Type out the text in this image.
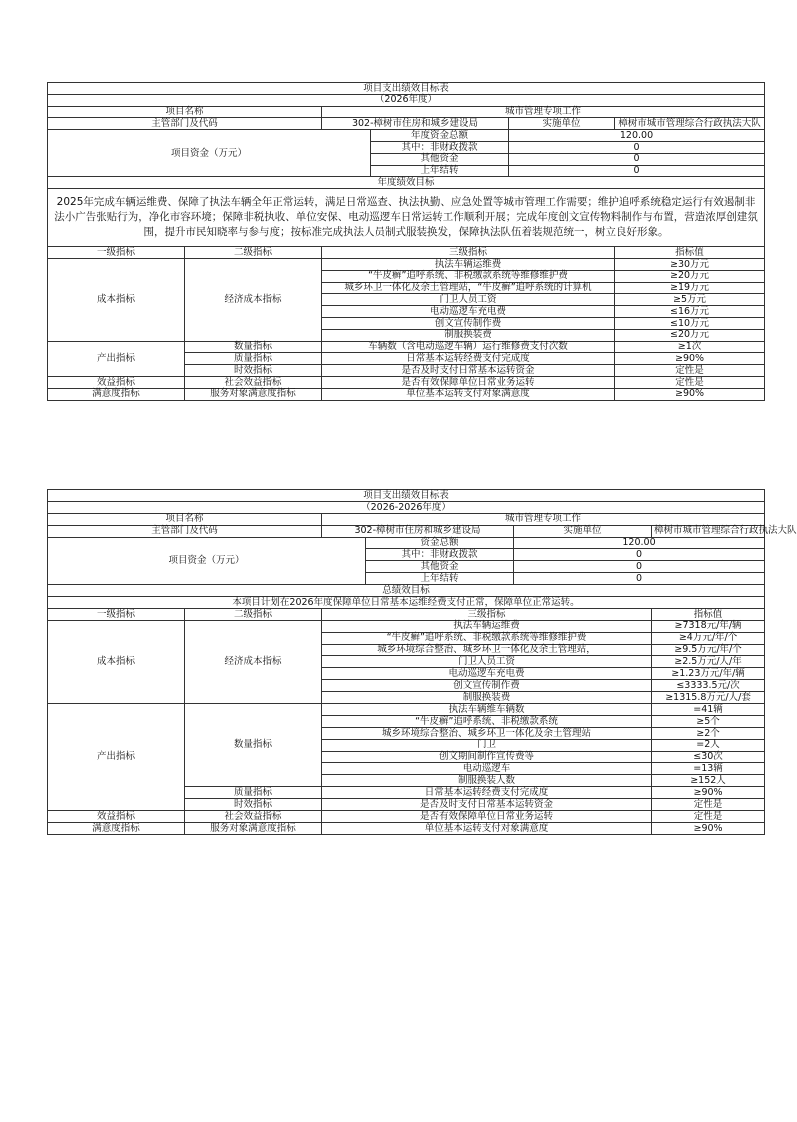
项目支出绩效目标表					
（2026年度）					
项目名称		城市管理专项工作			
主管部门及代码		302-樟树市住房和城乡建设局		实施单位	樟树市城市管理综合行政执法大队
项目资金（万元）			年度资金总额	120.00	
			其中：非财政拨款	0	
			其他资金	0	
			上年结转	0	
年度绩效目标					
2025年完成车辆运维费、保障了执法车辆全年正常运转，满足日常巡查、执法执勤、应急处置等城市管理工作需要；维护追呼系统稳定运行有效遏制非法小广告张贴行为，净化市容环境；保障非税执收、单位安保、电动巡逻车日常运转工作顺利开展；完成年度创文宣传物料制作与布置，营造浓厚创建氛围，提升市民知晓率与参与度；按标准完成执法人员制式服装换发，保障执法队伍着装规范统一，树立良好形象。					
一级指标	二级指标	三级指标			指标值
成本指标	经济成本指标	执法车辆运维费			≥30万元
		“牛皮癣”追呼系统、非税缴款系统等维修维护费			≥20万元
		城乡环卫一体化及余土管理站，“牛皮癣”追呼系统的计算机			≥19万元
		门卫人员工资			≥5万元
		电动巡逻车充电费			≤16万元
		创文宣传制作费			≤10万元
		制服换装费			≤20万元
产出指标	数量指标	车辆数（含电动巡逻车辆）运行维修费支付次数			≥1次
	质量指标	日常基本运转经费支付完成度			≥90%
	时效指标	是否及时支付日常基本运转资金			定性是
效益指标	社会效益指标	是否有效保障单位日常业务运转			定性是
满意度指标	服务对象满意度指标	单位基本运转支付对象满意度			≥90%
项目支出绩效目标表					
（2026-2026年度）					
项目名称		城市管理专项工作			
主管部门及代码		302-樟树市住房和城乡建设局		实施单位	樟树市城市管理综合行政执法大队
项目资金（万元）			资金总额	120.00	
			其中：非财政拨款	0	
			其他资金	0	
			上年结转	0	
总绩效目标					
本项目计划在2026年度保障单位日常基本运维经费支付正常，保障单位正常运转。					
一级指标	二级指标	三级指标			指标值
成本指标	经济成本指标	执法车辆运维费			≥7318元/年/辆
		“牛皮癣”追呼系统、非税缴款系统等维修维护费			≥4万元/年/个
		城乡环境综合整治、城乡环卫一体化及余土管理站，			≥9.5万元/年/个
		门卫人员工资			≥2.5万元/人/年
		电动巡逻车充电费			≥1.23万元/年/辆
		创文宣传制作费			≤3333.5元/次
		制服换装费			≥1315.8万元/人/套
产出指标	数量指标	执法车辆维车辆数			=41辆
		“牛皮癣”追呼系统、非税缴款系统			≥5个
		城乡环境综合整治、城乡环卫一体化及余土管理站			≥2个
		门卫			=2人
		创文期间制作宣传费等			≤30次
		电动巡逻车			=13辆
		制服换装人数			≥152人
	质量指标	日常基本运转经费支付完成度			≥90%
	时效指标	是否及时支付日常基本运转资金			定性是
效益指标	社会效益指标	是否有效保障单位日常业务运转			定性是
满意度指标	服务对象满意度指标	单位基本运转支付对象满意度			≥90%
